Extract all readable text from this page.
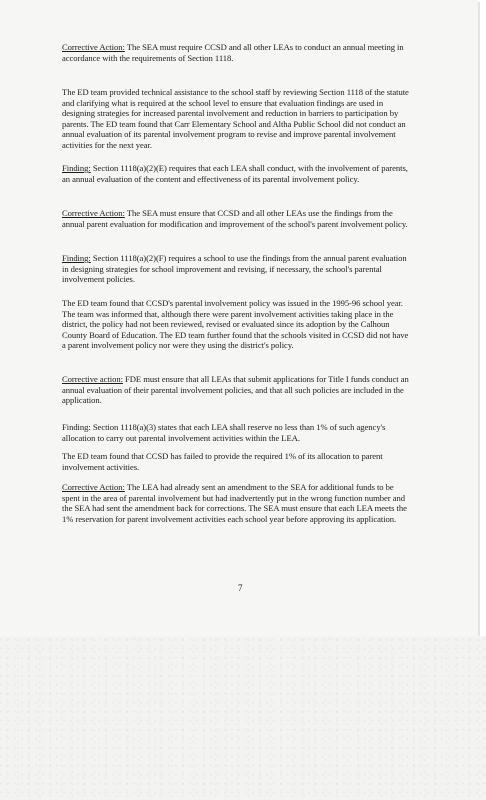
Corrective Action: The SEA must require CCSD and all other LEAs to conduct an annual meeting in accordance with the requirements of Section 1118.

The ED team provided technical assistance to the school staff by reviewing Section 1118 of the statute and clarifying what is required at the school level to ensure that evaluation findings are used in designing strategies for increased parental involvement and reduction in barriers to participation by parents. The ED team found that Carr Elementary School and Altha Public School did not conduct an annual evaluation of its parental involvement program to revise and improve parental involvement activities for the next year.

Finding: Section 1118(a)(2)(E) requires that each LEA shall conduct, with the involvement of parents, an annual evaluation of the content and effectiveness of its parental involvement policy.

Corrective Action: The SEA must ensure that CCSD and all other LEAs use the findings from the annual parent evaluation for modification and improvement of the school's parent involvement policy.

Finding: Section 1118(a)(2)(F) requires a school to use the findings from the annual parent evaluation in designing strategies for school improvement and revising, if necessary, the school's parental involvement policies.

The ED team found that CCSD's parental involvement policy was issued in the 1995-96 school year. The team was informed that, although there were parent involvement activities taking place in the district, the policy had not been reviewed, revised or evaluated since its adoption by the Calhoun County Board of Education. The ED team further found that the schools visited in CCSD did not have a parent involvement policy nor were they using the district's policy.

Corrective action: FDE must ensure that all LEAs that submit applications for Title I funds conduct an annual evaluation of their parental involvement policies, and that all such policies are included in the application.

Finding: Section 1118(a)(3) states that each LEA shall reserve no less than 1% of such agency's allocation to carry out parental involvement activities within the LEA.

The ED team found that CCSD has failed to provide the required 1% of its allocation to parent involvement activities.

Corrective Action: The LEA had already sent an amendment to the SEA for additional funds to be spent in the area of parental involvement but had inadvertently put in the wrong function number and the SEA had sent the amendment back for corrections. The SEA must ensure that each LEA meets the 1% reservation for parent involvement activities each school year before approving its application.

7
